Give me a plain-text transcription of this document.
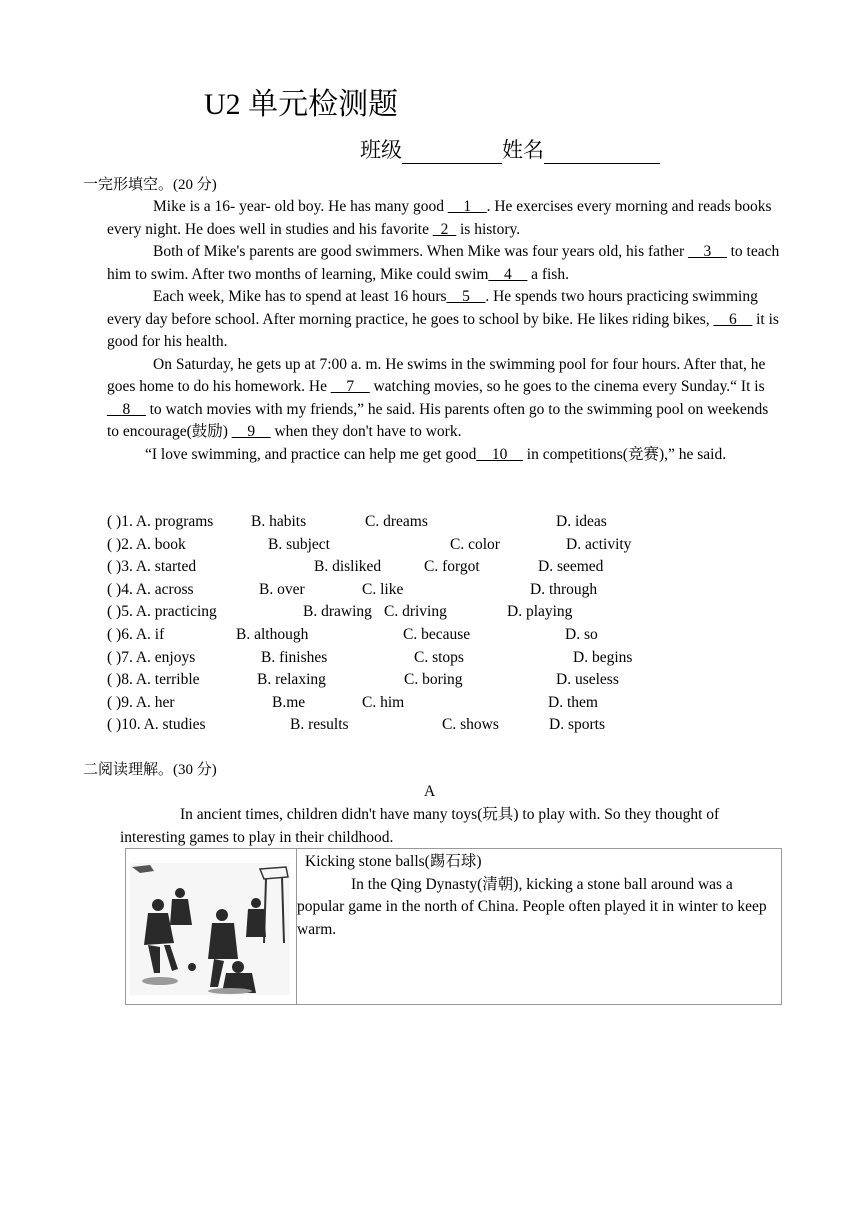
U2 单元检测题
班级	姓名
一完形填空。(20 分)

Mike is a 16- year- old boy. He has many good __1__. He exercises every morning and reads books every night. He does well in studies and his favorite _2_ is history.

Both of Mike's parents are good swimmers. When Mike was four years old, his father __3__ to teach him to swim. After two months of learning, Mike could swim__4__ a fish.

Each week, Mike has to spend at least 16 hours__5__. He spends two hours practicing swimming every day before school. After morning practice, he goes to school by bike. He likes riding bikes, __6__ it is good for his health.

On Saturday, he gets up at 7:00 a. m. He swims in the swimming pool for four hours. After that, he goes home to do his homework. He __7__ watching movies, so he goes to the cinema every Sunday.“ It is __8__ to watch movies with my friends,” he said. His parents often go to the swimming pool on weekends to encourage(鼓励) __9__ when they don't have to work.

“I love swimming, and practice can help me get good__10__ in competitions(竞赛),” he said.

( )1. A. programs B. habits	C. dreams	D. ideas
( )2. A. book	B. subject	C. color	D. activity
( )3. A. started	B. disliked	C. forgot	D. seemed
( )4. A. across	B. over	C. like	D. through
( )5. A. practicing	B. drawing C. driving	D. playing
( )6. A. if	B. although	C. because	D. so
( )7. A. enjoys	B. finishes	C. stops	D. begins
( )8. A. terrible	B. relaxing	C. boring	D. useless
( )9. A. her	B.me	C. him	D. them
( )10. A. studies	B. results	C. shows	D. sports
二阅读理解。(30 分)
A

In ancient times, children didn't have many toys(玩具) to play with. So they thought of interesting games to play in their childhood.

Kicking stone balls(踢石球)

In the Qing Dynasty(清朝), kicking a stone ball around was a popular game in the north of China. People often played it in winter to keep warm.
